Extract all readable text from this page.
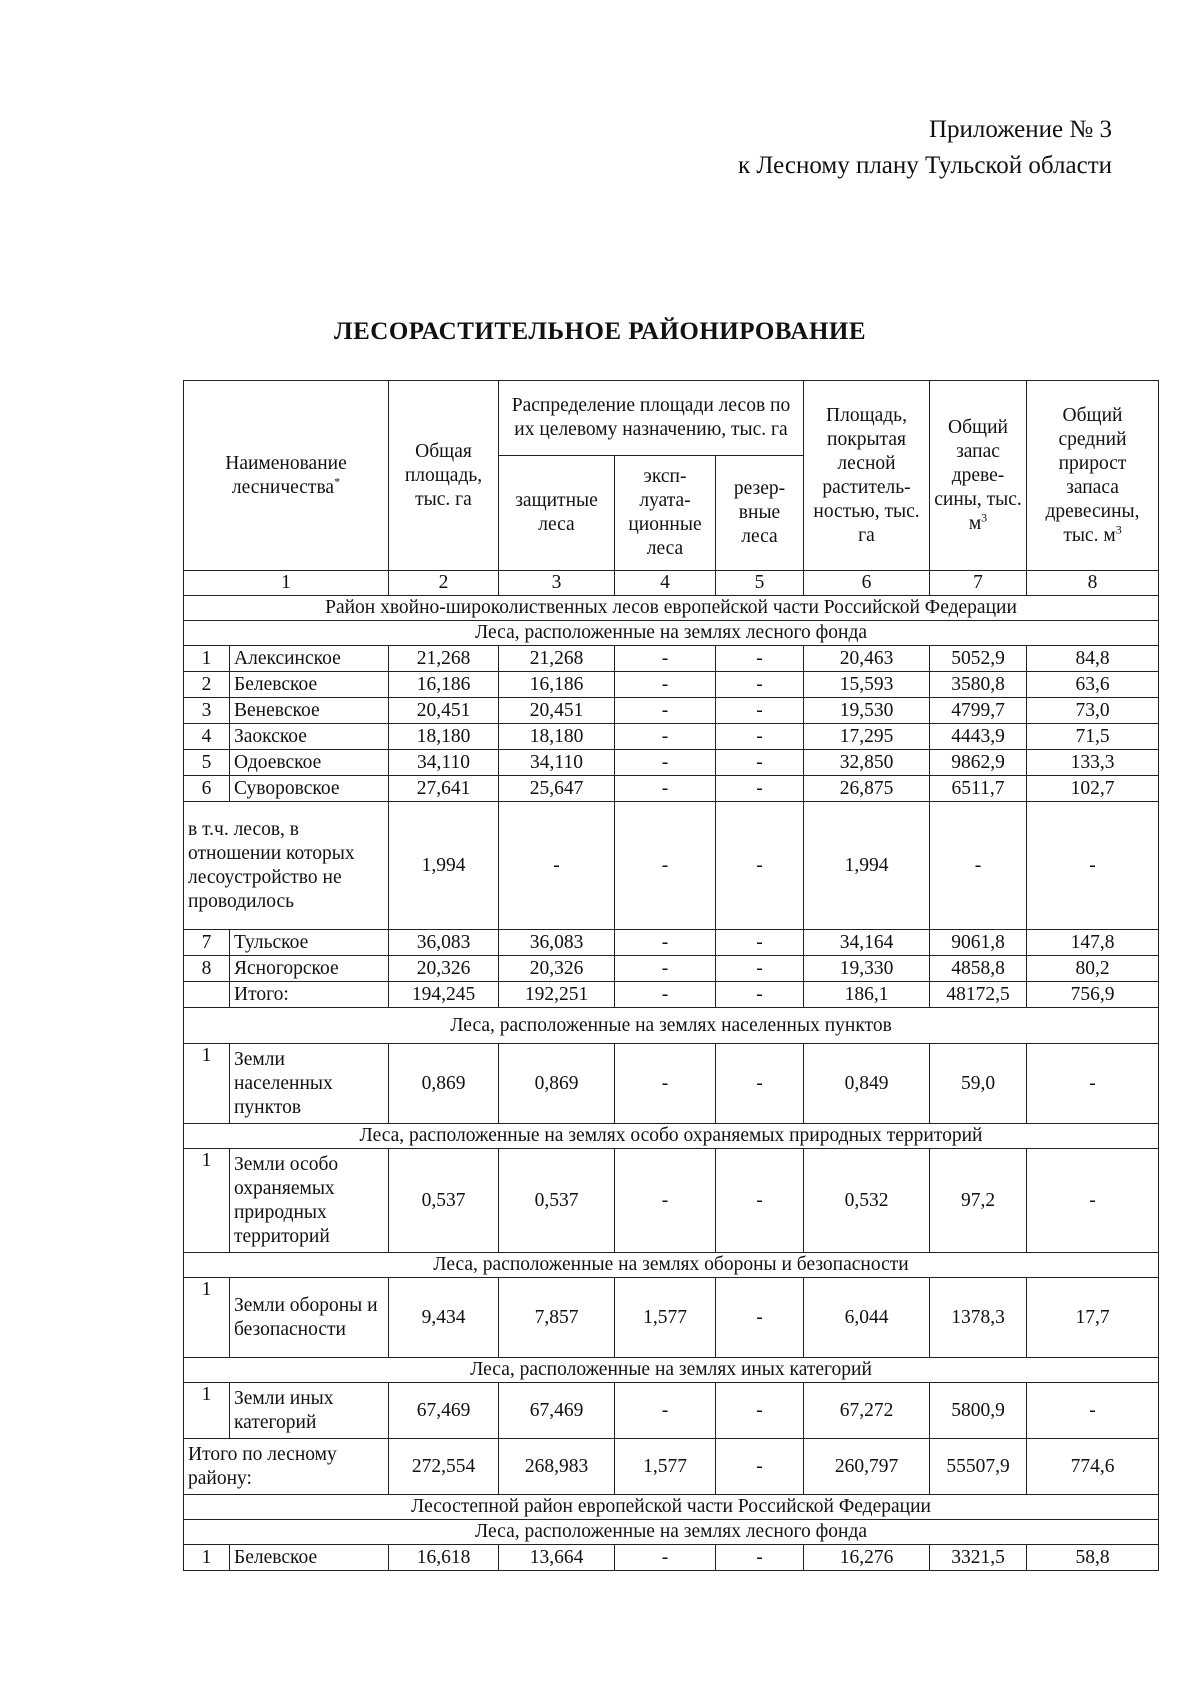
Приложение № 3
к Лесному плану Тульской области
ЛЕСОРАСТИТЕЛЬНОЕ РАЙОНИРОВАНИЕ
Наименование лесничества*		Общая площадь, тыс. га	Распределение площади лесов по их целевому назначению, тыс. га			Площадь, покрытая лесной раститель-ностью, тыс. га	Общий запас древе-сины, тыс. $м^3$	Общий средний прирост запаса древесины, тыс. $м^3$
			защитные леса	эксп-луата-ционные леса	резер-вные леса			
1		2	3	4	5	6	7	8
Район хвойно-широколиственных лесов европейской части Российской Федерации								
Леса, расположенные на землях лесного фонда								
1	Алексинское	21,268	21,268	-	-	20,463	5052,9	84,8
2	Белевское	16,186	16,186	-	-	15,593	3580,8	63,6
3	Веневское	20,451	20,451	-	-	19,530	4799,7	73,0
4	Заокское	18,180	18,180	-	-	17,295	4443,9	71,5
5	Одоевское	34,110	34,110	-	-	32,850	9862,9	133,3
6	Суворовское	27,641	25,647	-	-	26,875	6511,7	102,7
в т.ч. лесов, в отношении которых лесоустройство не проводилось		1,994	-	-	-	1,994	-	-
7	Тульское	36,083	36,083	-	-	34,164	9061,8	147,8
8	Ясногорское	20,326	20,326	-	-	19,330	4858,8	80,2
	Итого:	194,245	192,251	-	-	186,1	48172,5	756,9
Леса, расположенные на землях населенных пунктов								
1	Земли населенных пунктов	0,869	0,869	-	-	0,849	59,0	-
Леса, расположенные на землях особо охраняемых природных территорий								
1	Земли особо охраняемых природных территорий	0,537	0,537	-	-	0,532	97,2	-
Леса, расположенные на землях обороны и безопасности								
1	Земли обороны и безопасности	9,434	7,857	1,577	-	6,044	1378,3	17,7
Леса, расположенные на землях иных категорий								
1	Земли иных категорий	67,469	67,469	-	-	67,272	5800,9	-
Итого по лесному району:		272,554	268,983	1,577	-	260,797	55507,9	774,6
Лесостепной район европейской части Российской Федерации								
Леса, расположенные на землях лесного фонда								
1	Белевское	16,618	13,664	-	-	16,276	3321,5	58,8
